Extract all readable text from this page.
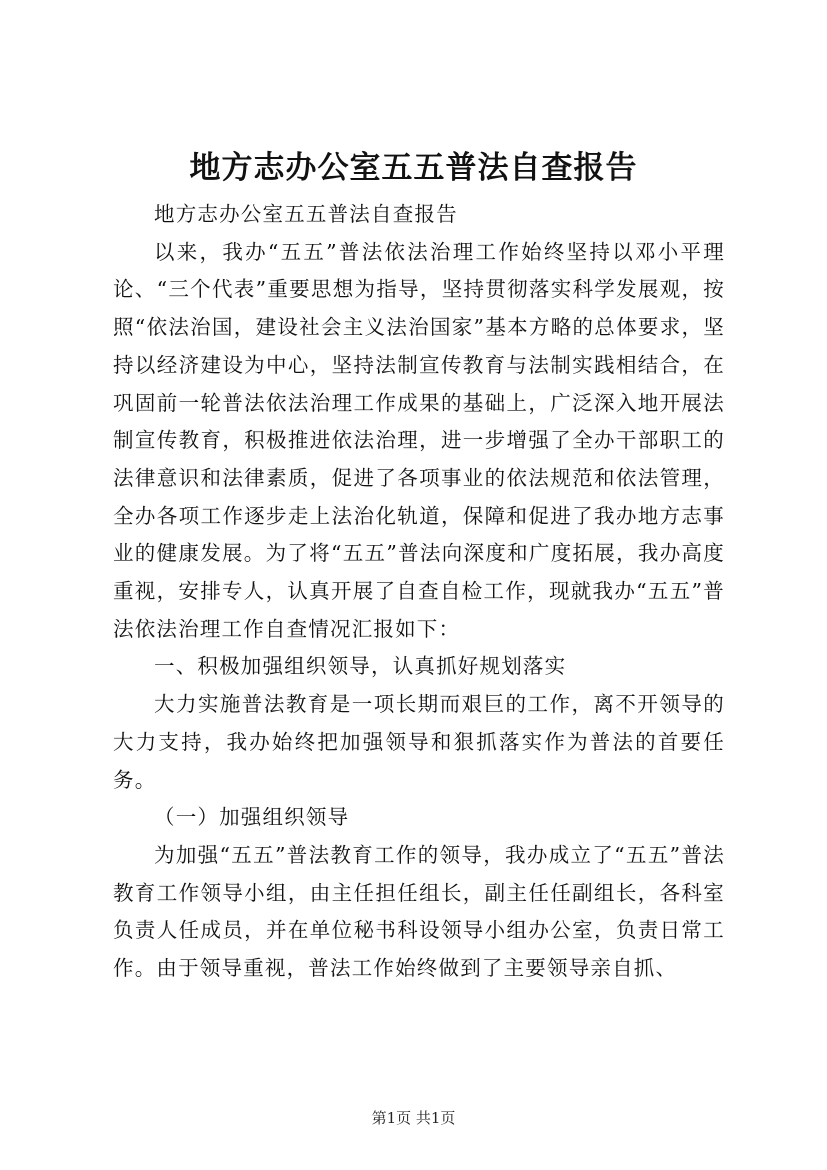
地方志办公室五五普法自查报告

地方志办公室五五普法自查报告

以来，我办“五五”普法依法治理工作始终坚持以邓小平理论、“三个代表”重要思想为指导，坚持贯彻落实科学发展观，按照“依法治国，建设社会主义法治国家”基本方略的总体要求，坚持以经济建设为中心，坚持法制宣传教育与法制实践相结合，在巩固前一轮普法依法治理工作成果的基础上，广泛深入地开展法制宣传教育，积极推进依法治理，进一步增强了全办干部职工的法律意识和法律素质，促进了各项事业的依法规范和依法管理，全办各项工作逐步走上法治化轨道，保障和促进了我办地方志事业的健康发展。为了将“五五”普法向深度和广度拓展，我办高度重视，安排专人，认真开展了自查自检工作，现就我办“五五”普法依法治理工作自查情况汇报如下：

一、积极加强组织领导，认真抓好规划落实

大力实施普法教育是一项长期而艰巨的工作，离不开领导的大力支持，我办始终把加强领导和狠抓落实作为普法的首要任务。

（一）加强组织领导

为加强“五五”普法教育工作的领导，我办成立了“五五”普法教育工作领导小组，由主任担任组长，副主任任副组长，各科室负责人任成员，并在单位秘书科设领导小组办公室，负责日常工作。由于领导重视，普法工作始终做到了主要领导亲自抓、

第1页 共1页
